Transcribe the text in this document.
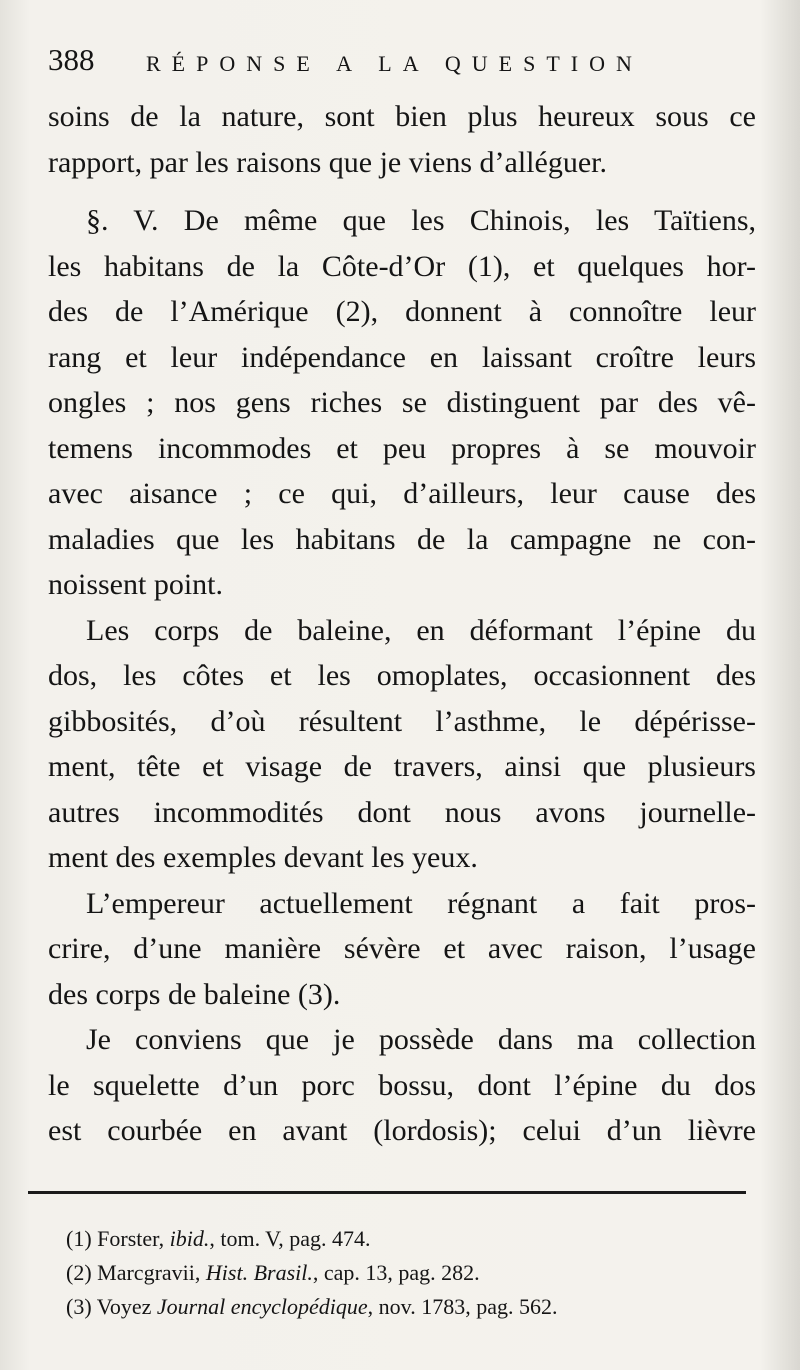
388 RÉPONSE A LA QUESTION
soins de la nature, sont bien plus heureux sous ce
rapport, par les raisons que je viens d’alléguer.
§. V. De même que les Chinois, les Taïtiens,
les habitans de la Côte-d’Or (1), et quelques hor-
des de l’Amérique (2), donnent à connoître leur
rang et leur indépendance en laissant croître leurs
ongles ; nos gens riches se distinguent par des vê-
temens incommodes et peu propres à se mouvoir
avec aisance ; ce qui, d’ailleurs, leur cause des
maladies que les habitans de la campagne ne con-
noissent point.
Les corps de baleine, en déformant l’épine du
dos, les côtes et les omoplates, occasionnent des
gibbosités, d’où résultent l’asthme, le dépérisse-
ment, tête et visage de travers, ainsi que plusieurs
autres incommodités dont nous avons journelle-
ment des exemples devant les yeux.
L’empereur actuellement régnant a fait pros-
crire, d’une manière sévère et avec raison, l’usage
des corps de baleine (3).
Je conviens que je possède dans ma collection
le squelette d’un porc bossu, dont l’épine du dos
est courbée en avant (lordosis); celui d’un lièvre
(1) Forster, ibid., tom. V, pag. 474.
(2) Marcgravii, Hist. Brasil., cap. 13, pag. 282.
(3) Voyez Journal encyclopédique, nov. 1783, pag. 562.
